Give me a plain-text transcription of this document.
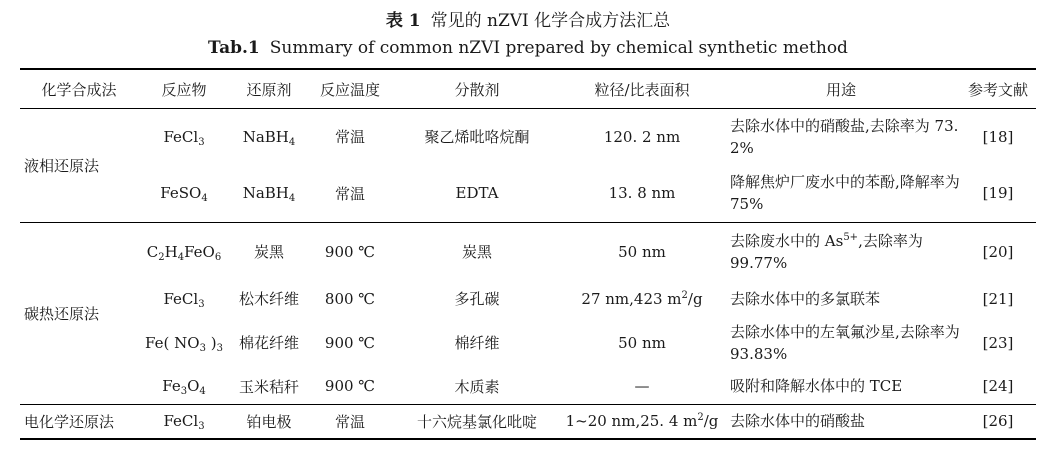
表 1 常见的 nZVI 化学合成方法汇总
Tab.1 Summary of common nZVI prepared by chemical synthetic method
化学合成法	反应物	还原剂	反应温度	分散剂	粒径/比表面积	用途	参考文献
液相还原法	FeCl$_3$	NaBH$_4$	常温	聚乙烯吡咯烷酮	120. 2 nm	去除水体中的硝酸盐,去除率为 73. 2%	[18]
	FeSO$_4$	NaBH$_4$	常温	EDTA	13. 8 nm	降解焦炉厂废水中的苯酚,降解率为 75%	[19]
碳热还原法	$C_2H_4FeO_6$	炭黑	900 ℃	炭黑	50 nm	去除废水中的 $As^{5+}$,去除率为 99.77%	[20]
	FeCl$_3$	松木纤维	800 ℃	多孔碳	27 nm,423 $m^2/g$	去除水体中的多氯联苯	[21]
	Fe( $NO_3$ )$_3$	棉花纤维	900 ℃	棉纤维	50 nm	去除水体中的左氧氟沙星,去除率为 93.83%	[23]
	$Fe_3O_4$	玉米秸秆	900 ℃	木质素	—	吸附和降解水体中的 TCE	[24]
电化学还原法	FeCl$_3$	铂电极	常温	十六烷基氯化吡啶	1~20 nm,25. 4 $m^2/g$	去除水体中的硝酸盐	[26]
